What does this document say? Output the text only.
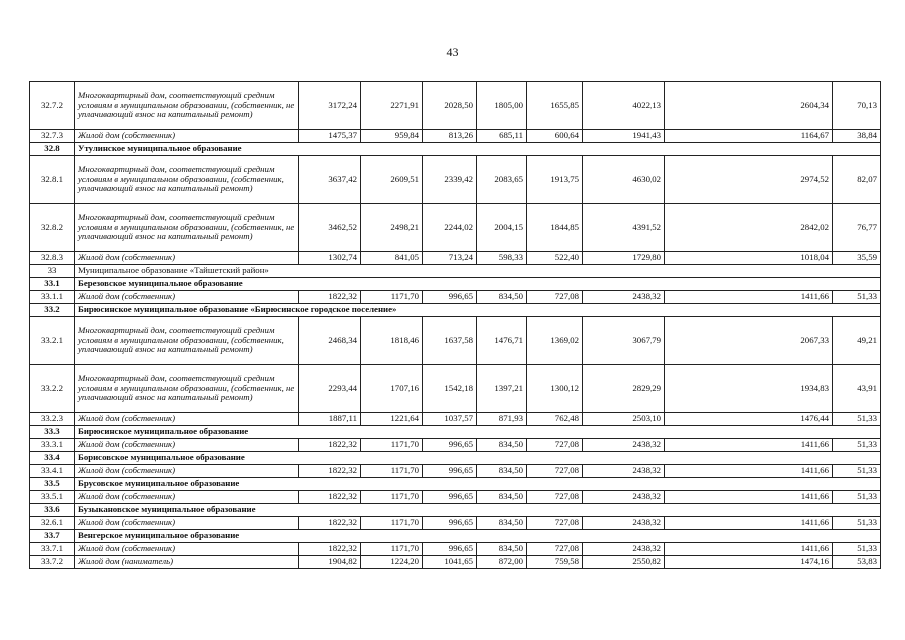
43
32.7.2	Многоквартирный дом, соответствующий средним условиям в муниципальном образовании, (собственник, не уплачивающий взнос на капитальный ремонт)	3172,24	2271,91	2028,50	1805,00	1655,85	4022,13	2604,34	70,13
32.7.3	Жилой дом (собственник)	1475,37	959,84	813,26	685,11	600,64	1941,43	1164,67	38,84
32.8	Утулинское муниципальное образование								
32.8.1	Многоквартирный дом, соответствующий средним условиям в муниципальном образовании, (собственник, уплачивающий взнос на капитальный ремонт)	3637,42	2609,51	2339,42	2083,65	1913,75	4630,02	2974,52	82,07
32.8.2	Многоквартирный дом, соответствующий средним условиям в муниципальном образовании, (собственник, не уплачивающий взнос на капитальный ремонт)	3462,52	2498,21	2244,02	2004,15	1844,85	4391,52	2842,02	76,77
32.8.3	Жилой дом (собственник)	1302,74	841,05	713,24	598,33	522,40	1729,80	1018,04	35,59
33	Муниципальное образование «Тайшетский район»								
33.1	Березовское муниципальное образование								
33.1.1	Жилой дом (собственник)	1822,32	1171,70	996,65	834,50	727,08	2438,32	1411,66	51,33
33.2	Бирюсинское муниципальное образование «Бирюсинское городское поселение»								
33.2.1	Многоквартирный дом, соответствующий средним условиям в муниципальном образовании, (собственник, уплачивающий взнос на капитальный ремонт)	2468,34	1818,46	1637,58	1476,71	1369,02	3067,79	2067,33	49,21
33.2.2	Многоквартирный дом, соответствующий средним условиям в муниципальном образовании, (собственник, не уплачивающий взнос на капитальный ремонт)	2293,44	1707,16	1542,18	1397,21	1300,12	2829,29	1934,83	43,91
33.2.3	Жилой дом (собственник)	1887,11	1221,64	1037,57	871,93	762,48	2503,10	1476,44	51,33
33.3	Бирюсинское муниципальное образование								
33.3.1	Жилой дом (собственник)	1822,32	1171,70	996,65	834,50	727,08	2438,32	1411,66	51,33
33.4	Борисовское муниципальное образование								
33.4.1	Жилой дом (собственник)	1822,32	1171,70	996,65	834,50	727,08	2438,32	1411,66	51,33
33.5	Брусовское муниципальное образование								
33.5.1	Жилой дом (собственник)	1822,32	1171,70	996,65	834,50	727,08	2438,32	1411,66	51,33
33.6	Бузыкановское муниципальное образование								
32.6.1	Жилой дом (собственник)	1822,32	1171,70	996,65	834,50	727,08	2438,32	1411,66	51,33
33.7	Венгерское муниципальное образование								
33.7.1	Жилой дом (собственник)	1822,32	1171,70	996,65	834,50	727,08	2438,32	1411,66	51,33
33.7.2	Жилой дом (наниматель)	1904,82	1224,20	1041,65	872,00	759,58	2550,82	1474,16	53,83
